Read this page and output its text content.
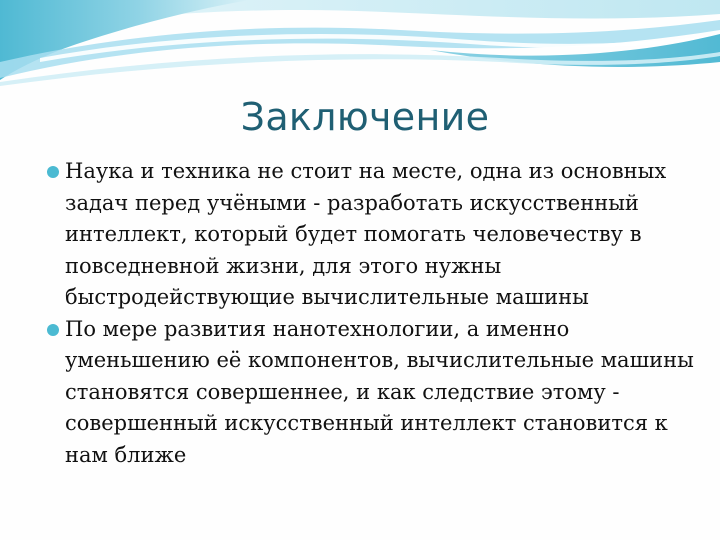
Заключение
Наука и техника не стоит на месте, одна из основных задач перед учёными - разработать искусственный интеллект, который будет помогать человечеству в повседневной жизни, для этого нужны быстродействующие вычислительные машины
По мере развития нанотехнологии, а именно уменьшению её компонентов, вычислительные машины становятся совершеннее, и как следствие этому - совершенный искусственный интеллект становится к нам ближе
